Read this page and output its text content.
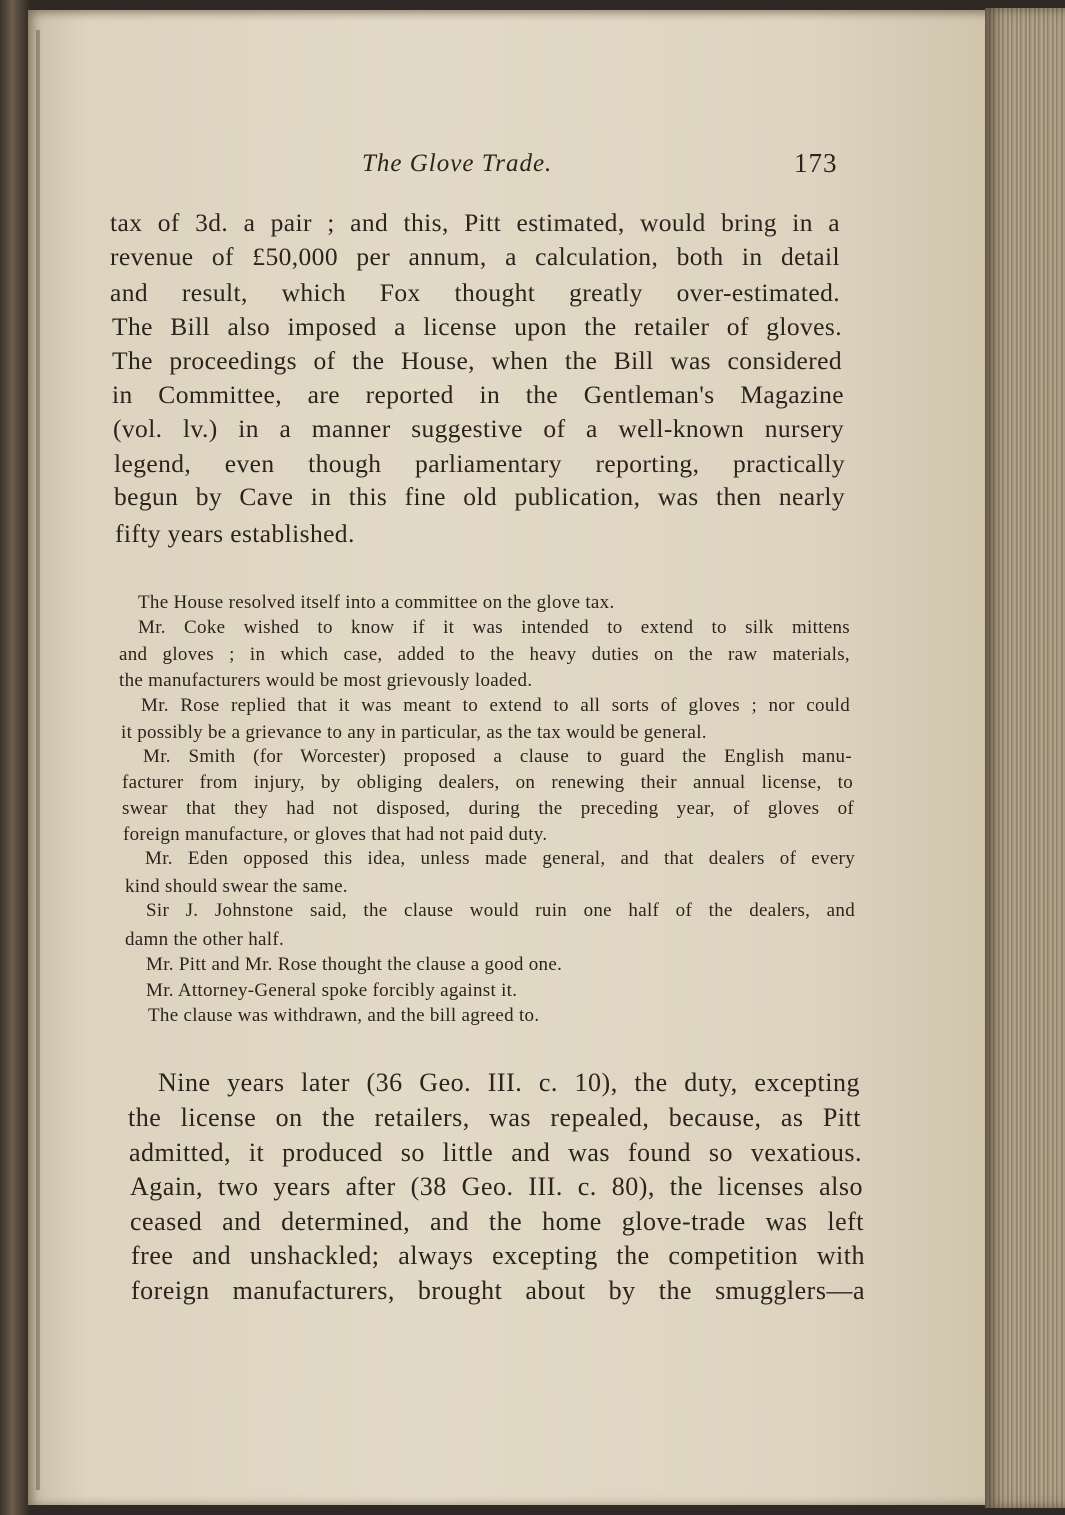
The Glove Trade.	173
tax of 3d. a pair ; and this, Pitt estimated, would bring in a
revenue of £50,000 per annum, a calculation, both in detail
and result, which Fox thought greatly over-estimated.
The Bill also imposed a license upon the retailer of gloves.
The proceedings of the House, when the Bill was considered
in Committee, are reported in the Gentleman's Magazine
(vol. lv.) in a manner suggestive of a well-known nursery
legend, even though parliamentary reporting, practically
begun by Cave in this fine old publication, was then nearly
fifty years established.
The House resolved itself into a committee on the glove tax.
Mr. Coke wished to know if it was intended to extend to silk mittens
and gloves ; in which case, added to the heavy duties on the raw materials,
the manufacturers would be most grievously loaded.
Mr. Rose replied that it was meant to extend to all sorts of gloves ; nor could
it possibly be a grievance to any in particular, as the tax would be general.
Mr. Smith (for Worcester) proposed a clause to guard the English manu-
facturer from injury, by obliging dealers, on renewing their annual license, to
swear that they had not disposed, during the preceding year, of gloves of
foreign manufacture, or gloves that had not paid duty.
Mr. Eden opposed this idea, unless made general, and that dealers of every
kind should swear the same.
Sir J. Johnstone said, the clause would ruin one half of the dealers, and
damn the other half.
Mr. Pitt and Mr. Rose thought the clause a good one.
Mr. Attorney-General spoke forcibly against it.
The clause was withdrawn, and the bill agreed to.
Nine years later (36 Geo. III. c. 10), the duty, excepting
the license on the retailers, was repealed, because, as Pitt
admitted, it produced so little and was found so vexatious.
Again, two years after (38 Geo. III. c. 80), the licenses also
ceased and determined, and the home glove-trade was left
free and unshackled; always excepting the competition with
foreign manufacturers, brought about by the smugglers—a
